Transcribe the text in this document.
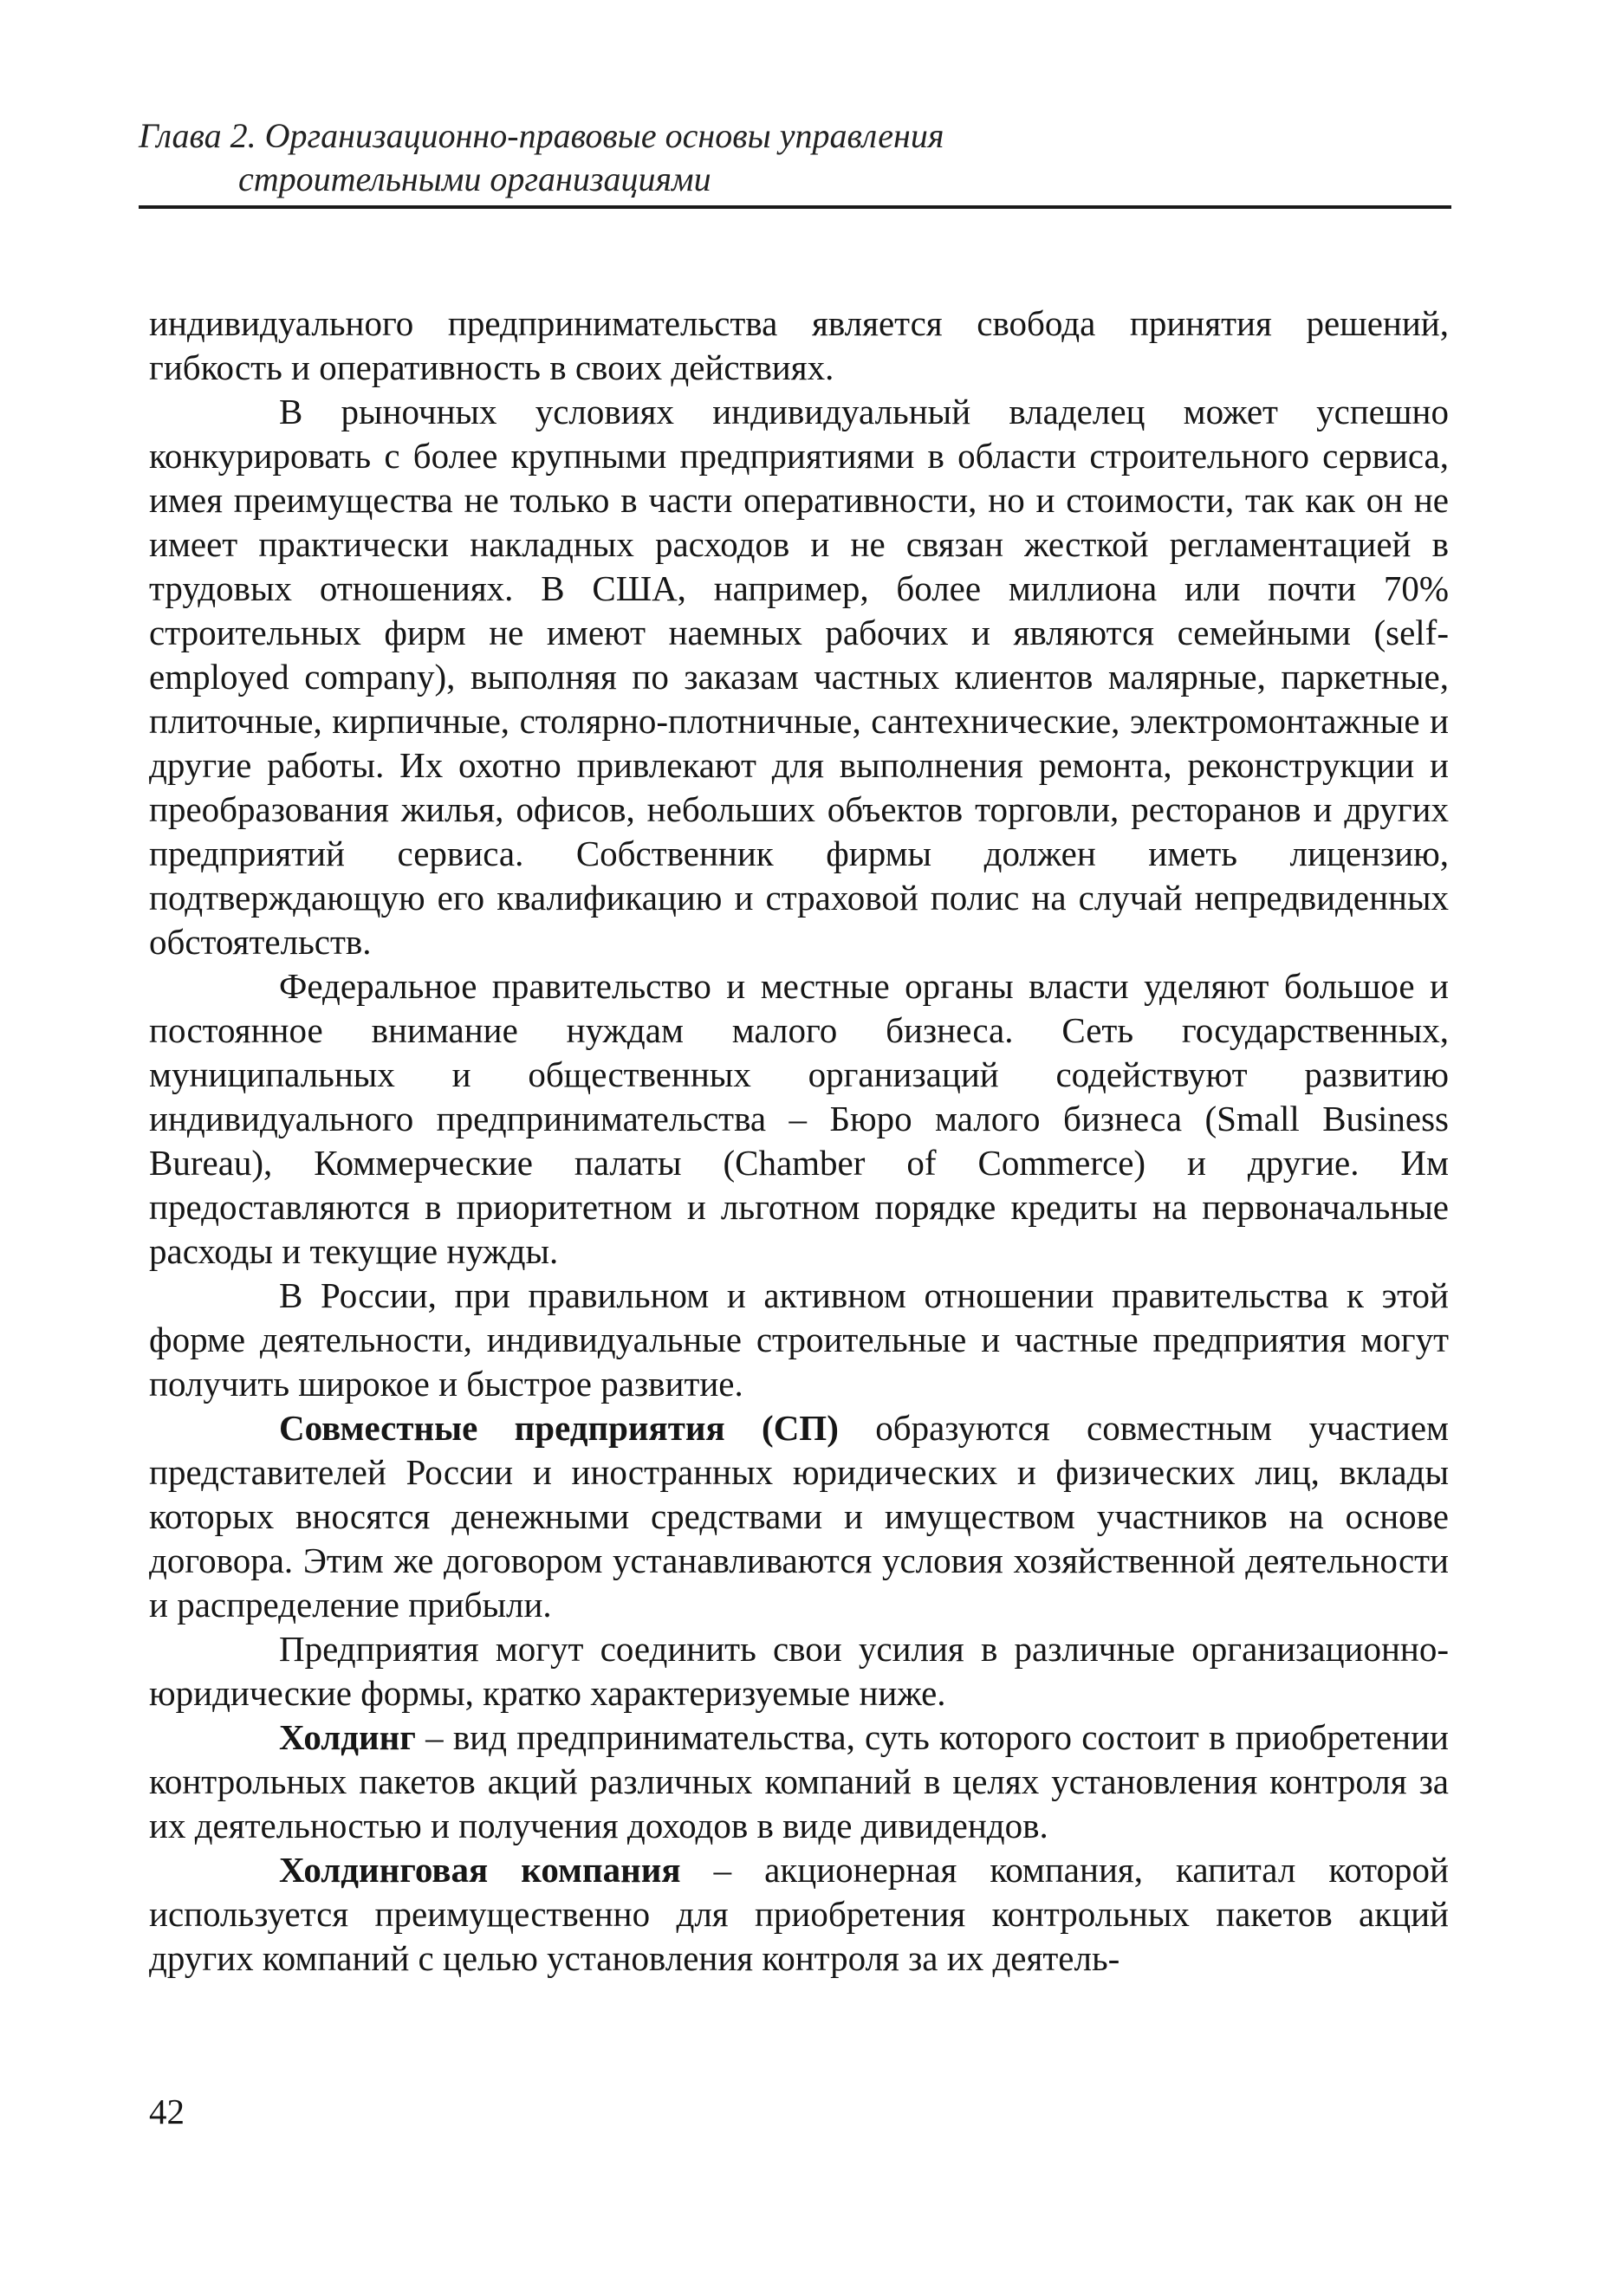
Глава 2. Организационно-правовые основы управления
строительными организациями

индивидуального предпринимательства является свобода принятия решений, гибкость и оперативность в своих действиях.

В рыночных условиях индивидуальный владелец может успешно конкурировать с более крупными предприятиями в области строительного сервиса, имея преимущества не только в части оперативности, но и стоимости, так как он не имеет практически накладных расходов и не связан жесткой регламентацией в трудовых отношениях. В США, например, более миллиона или почти 70% строительных фирм не имеют наемных рабочих и являются семейными (self-employed company), выполняя по заказам частных клиентов малярные, паркетные, плиточные, кирпичные, столярно-плотничные, сантехнические, электромонтажные и другие работы. Их охотно привлекают для выполнения ремонта, реконструкции и преобразования жилья, офисов, небольших объектов торговли, ресторанов и других предприятий сервиса. Собственник фирмы должен иметь лицензию, подтверждающую его квалификацию и страховой полис на случай непредвиденных обстоятельств.

Федеральное правительство и местные органы власти уделяют большое и постоянное внимание нуждам малого бизнеса. Сеть государственных, муниципальных и общественных организаций содействуют развитию индивидуального предпринимательства – Бюро малого бизнеса (Small Business Bureau), Коммерческие палаты (Chamber of Commerce) и другие. Им предоставляются в приоритетном и льготном порядке кредиты на первоначальные расходы и текущие нужды.

В России, при правильном и активном отношении правительства к этой форме деятельности, индивидуальные строительные и частные предприятия могут получить широкое и быстрое развитие.

Совместные предприятия (СП) образуются совместным участием представителей России и иностранных юридических и физических лиц, вклады которых вносятся денежными средствами и имуществом участников на основе договора. Этим же договором устанавливаются условия хозяйственной деятельности и распределение прибыли.

Предприятия могут соединить свои усилия в различные организационно-юридические формы, кратко характеризуемые ниже.

Холдинг – вид предпринимательства, суть которого состоит в приобретении контрольных пакетов акций различных компаний в целях установления контроля за их деятельностью и получения доходов в виде дивидендов.

Холдинговая компания – акционерная компания, капитал которой используется преимущественно для приобретения контрольных пакетов акций других компаний с целью установления контроля за их деятель-

42
